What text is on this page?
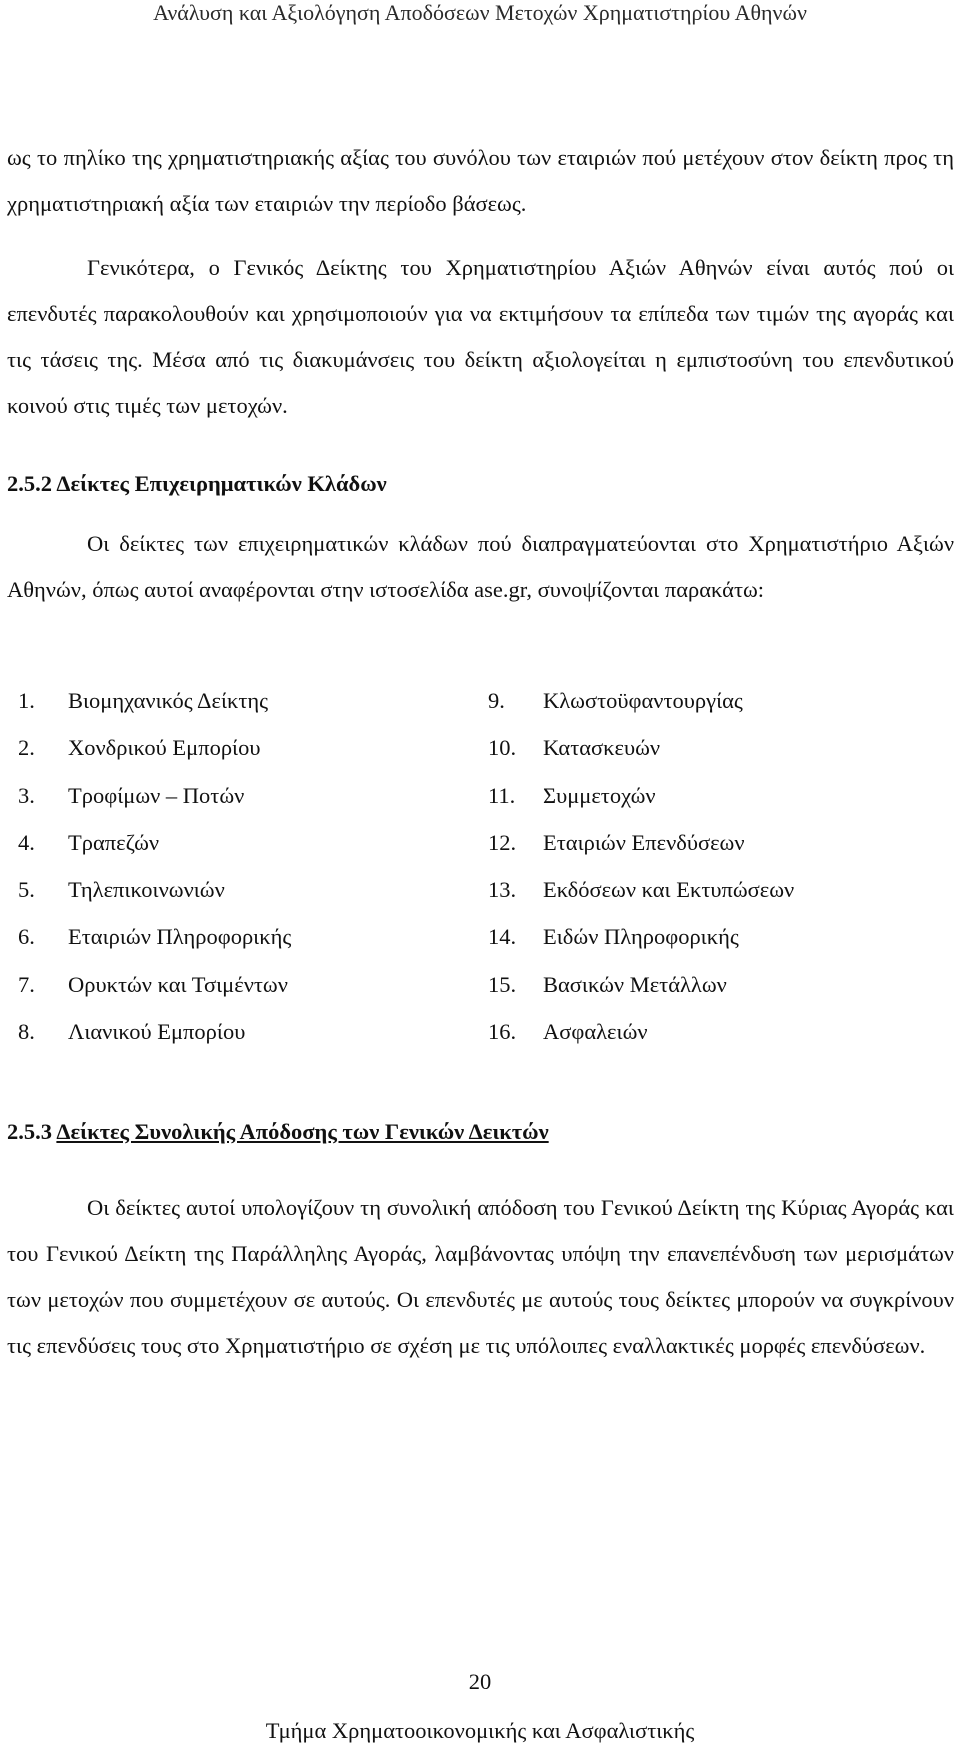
Ανάλυση και Αξιολόγηση Αποδόσεων Μετοχών Χρηματιστηρίου Αθηνών

ως το πηλίκο της χρηματιστηριακής αξίας του συνόλου των εταιριών πού μετέχουν στον δείκτη προς τη χρηματιστηριακή αξία των εταιριών την περίοδο βάσεως.

Γενικότερα, ο Γενικός Δείκτης του Χρηματιστηρίου Αξιών Αθηνών είναι αυτός πού οι επενδυτές παρακολουθούν και χρησιμοποιούν για να εκτιμήσουν τα επίπεδα των τιμών της αγοράς και τις τάσεις της. Μέσα από τις διακυμάνσεις του δείκτη αξιολογείται η εμπιστοσύνη του επενδυτικού κοινού στις τιμές των μετοχών.

2.5.2 Δείκτες Επιχειρηματικών Κλάδων

Οι δείκτες των επιχειρηματικών κλάδων πού διαπραγματεύονται στο Χρηματιστήριο Αξιών Αθηνών, όπως αυτοί αναφέρονται στην ιστοσελίδα ase.gr, συνοψίζονται παρακάτω:

1. Βιομηχανικός Δείκτης
2. Χονδρικού Εμπορίου
3. Τροφίμων – Ποτών
4. Τραπεζών
5. Τηλεπικοινωνιών
6. Εταιριών Πληροφορικής
7. Ορυκτών και Τσιμέντων
8. Λιανικού Εμπορίου
9. Κλωστοϋφαντουργίας
10. Κατασκευών
11. Συμμετοχών
12. Εταιριών Επενδύσεων
13. Εκδόσεων και Εκτυπώσεων
14. Ειδών Πληροφορικής
15. Βασικών Μετάλλων
16. Ασφαλειών
2.5.3 Δείκτες Συνολικής Απόδοσης των Γενικών Δεικτών

Οι δείκτες αυτοί υπολογίζουν τη συνολική απόδοση του Γενικού Δείκτη της Κύριας Αγοράς και του Γενικού Δείκτη της Παράλληλης Αγοράς, λαμβάνοντας υπόψη την επανεπένδυση των μερισμάτων των μετοχών που συμμετέχουν σε αυτούς. Οι επενδυτές με αυτούς τους δείκτες μπορούν να συγκρίνουν τις επενδύσεις τους στο Χρηματιστήριο σε σχέση με τις υπόλοιπες εναλλακτικές μορφές επενδύσεων.

20
Τμήμα Χρηματοοικονομικής και Ασφαλιστικής
